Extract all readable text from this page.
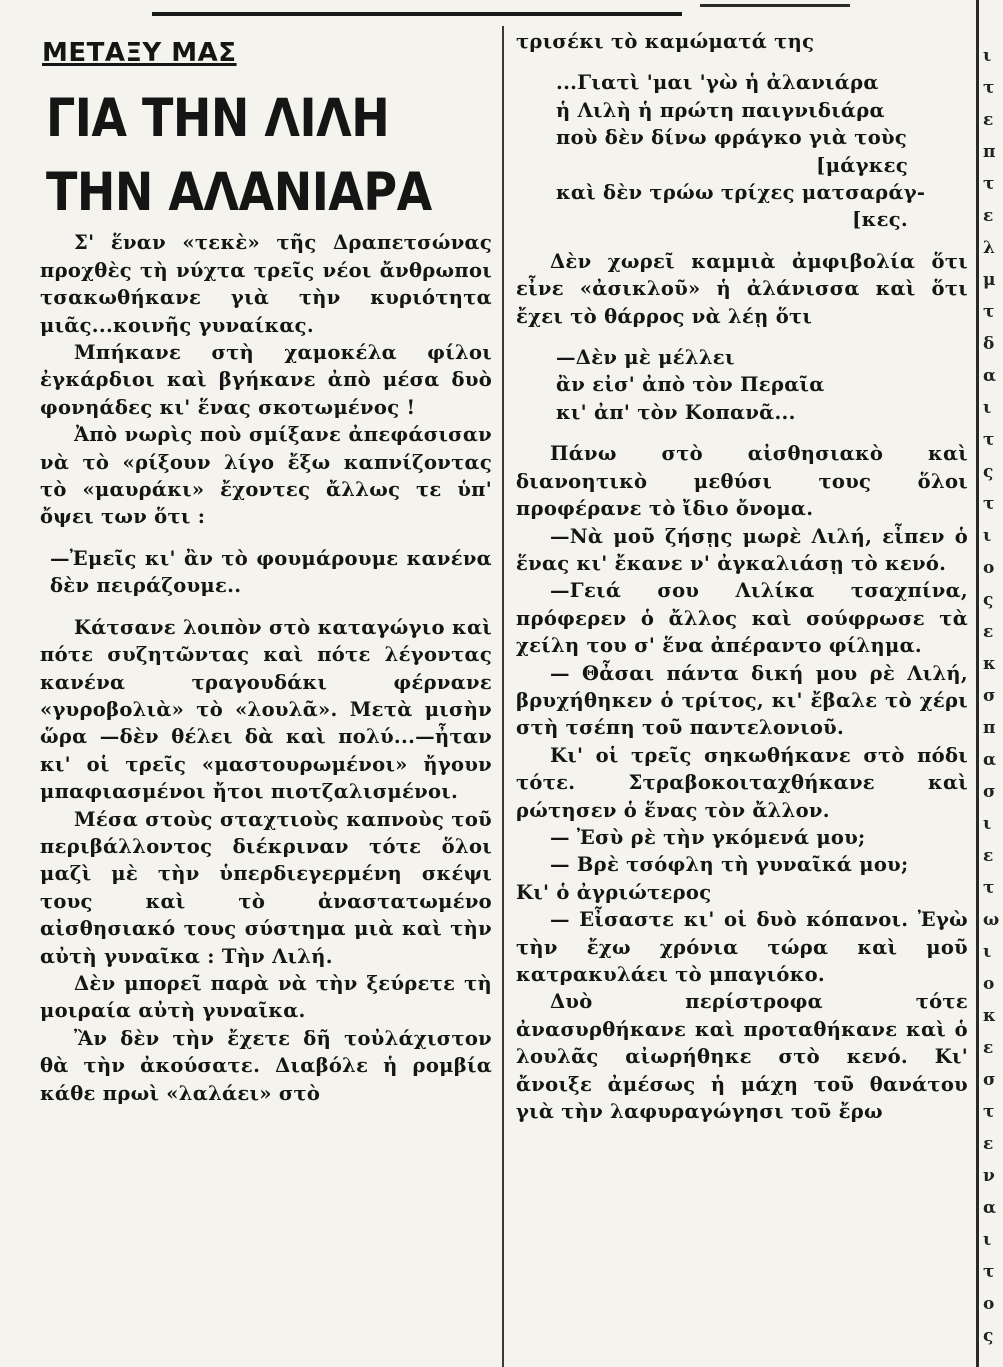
ΜΕΤΑΞΥ ΜΑΣ
ΓΙΑ ΤΗΝ ΛΙΛΗ
ΤΗΝ ΑΛΑΝΙΑΡΑ

Σ' ἕναν «τεκὲ» τῆς Δραπετσώνας προχθὲς τὴ νύχτα τρεῖς νέοι ἄνθρωποι τσακωθήκανε γιὰ τὴν κυριότητα μιᾶς...κοινῆς γυναίκας.

Μπήκανε στὴ χαμοκέλα φίλοι ἐγκάρδιοι καὶ βγήκανε ἀπὸ μέσα δυὸ φονηάδες κι' ἕνας σκοτωμένος !

Ἀπὸ νωρὶς ποὺ σμίξανε ἀπεφάσισαν νὰ τὸ «ρίξουν λίγο ἔξω καπνίζοντας τὸ «μαυράκι» ἔχοντες ἄλλως τε ὑπ' ὄψει των ὅτι :

—Ἐμεῖς κι' ἂν τὸ φουμάρουμε κανένα δὲν πειράζουμε..

Κάτσανε λοιπὸν στὸ καταγώγιο καὶ πότε συζητῶντας καὶ πότε λέγοντας κανένα τραγουδάκι φέρνανε «γυροβολιὰ» τὸ «λουλᾶ». Μετὰ μισὴν ὥρα —δὲν θέλει δὰ καὶ πολύ...—ἦταν κι' οἱ τρεῖς «μαστουρωμένοι» ἤγουν μπαφιασμένοι ἤτοι πιοτζαλισμένοι.

Μέσα στοὺς σταχτιοὺς καπνοὺς τοῦ περιβάλλοντος διέκριναν τότε ὅλοι μαζὶ μὲ τὴν ὑπερδιεγερμένη σκέψι τους καὶ τὸ ἀναστατωμένο αἰσθησιακό τους σύστημα μιὰ καὶ τὴν αὐτὴ γυναῖκα : Τὴν Λιλή.

Δὲν μπορεῖ παρὰ νὰ τὴν ξεύρετε τὴ μοιραία αὐτὴ γυναῖκα.

Ἂν δὲν τὴν ἔχετε δῆ τοὐλάχιστον θὰ τὴν ἀκούσατε. Διαβόλε ἡ ρομβία κάθε πρωὶ «λαλάει» στὸ

τρισέκι τὸ καμώματά της

...Γιατὶ 'μαι 'γὼ ἡ ἀλανιάρα

ἡ Λιλὴ ἡ πρώτη παιγνιδιάρα

ποὺ δὲν δίνω φράγκο γιὰ τοὺς

[μάγκες

καὶ δὲν τρώω τρίχες ματσαράγ-

[κες.

Δὲν χωρεῖ καμμιὰ ἀμφιβολία ὅτι εἶνε «ἀσικλοῦ» ἡ ἀλάνισσα καὶ ὅτι ἔχει τὸ θάρρος νὰ λέῃ ὅτι

—Δὲν μὲ μέλλει

ἂν εἰσ' ἀπὸ τὸν Περαῖα

κι' ἀπ' τὸν Κοπανᾶ...

Πάνω στὸ αἰσθησιακὸ καὶ διανοητικὸ μεθύσι τους ὅλοι προφέρανε τὸ ἴδιο ὄνομα.

—Νὰ μοῦ ζήσῃς μωρὲ Λιλή, εἶπεν ὁ ἕνας κι' ἔκανε ν' ἀγκαλιάσῃ τὸ κενό.

—Γειά σου Λιλίκα τσαχπίνα, πρόφερεν ὁ ἄλλος καὶ σούφρωσε τὰ χείλη του σ' ἕνα ἀπέραντο φίλημα.

— Θἆσαι πάντα δική μου ρὲ Λιλή, βρυχήθηκεν ὁ τρίτος, κι' ἔβαλε τὸ χέρι στὴ τσέπη τοῦ παντελονιοῦ.

Κι' οἱ τρεῖς σηκωθήκανε στὸ πόδι τότε. Στραβοκοιταχθήκανε καὶ ρώτησεν ὁ ἕνας τὸν ἄλλον.

— Ἐσὺ ρὲ τὴν γκόμενά μου;

— Βρὲ τσόφλη τὴ γυναῖκά μου;

Κι' ὁ ἀγριώτερος

— Εἶσαστε κι' οἱ δυὸ κόπανοι. Ἐγὼ τὴν ἔχω χρόνια τώρα καὶ μοῦ κατρακυλάει τὸ μπαγιόκο.

Δυὸ περίστροφα τότε ἀνασυρθήκανε καὶ προταθήκανε καὶ ὁ λουλᾶς αἰωρήθηκε στὸ κενό. Κι' ἄνοιξε ἀμέσως ἡ μάχη τοῦ θανάτου γιὰ τὴν λαφυραγώγησι τοῦ ἔρω

ι
τ
ε
π
τ
ε
λ
μ
τ
δ
α
ι
τ
ς
τ
ι
ο
ς
ε
κ
σ
π
α
σ
ι
ε
τ
ω
ι
ο
κ
ε
σ
τ
ε
ν
α
ι
τ
ο
ς
